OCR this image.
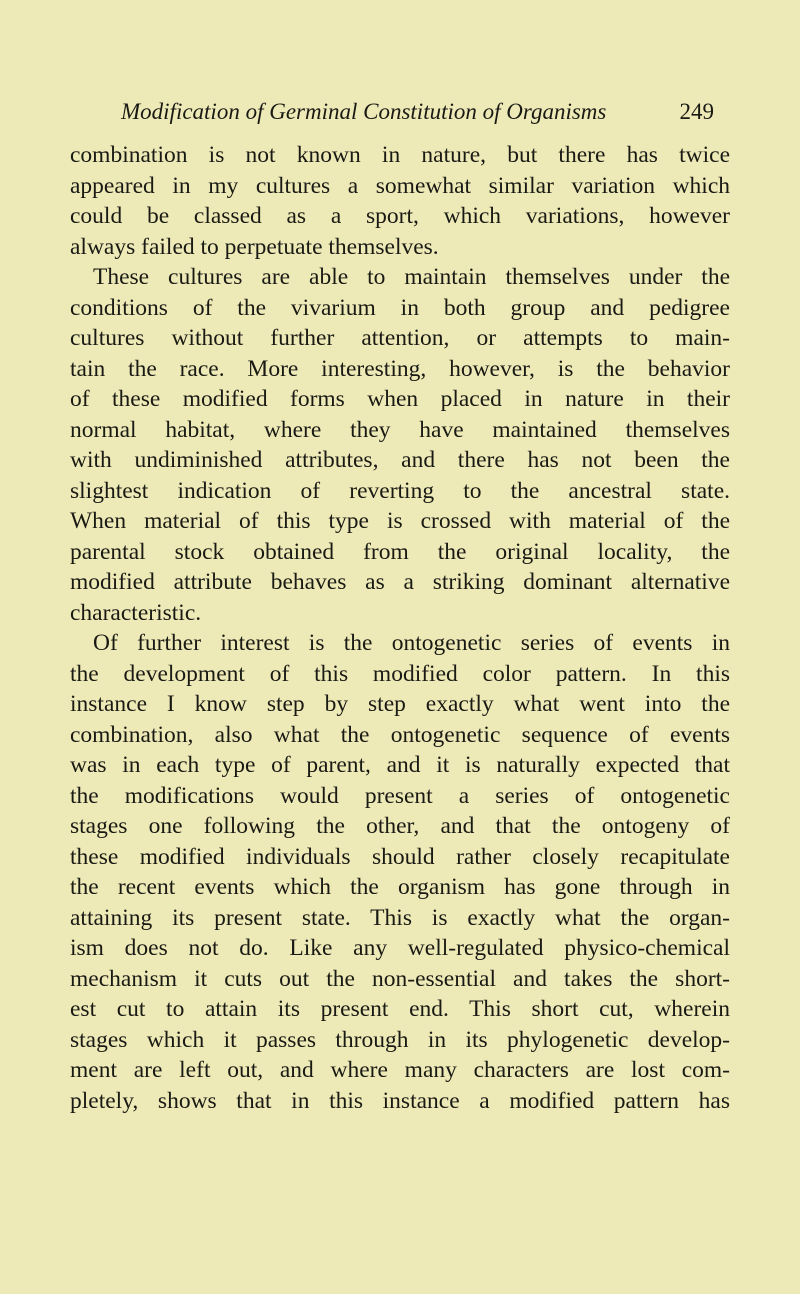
Modification of Germinal Constitution of Organisms	249
combination is not known in nature, but there has twice
appeared in my cultures a somewhat similar variation which
could be classed as a sport, which variations, however
always failed to perpetuate themselves.
These cultures are able to maintain themselves under the
conditions of the vivarium in both group and pedigree
cultures without further attention, or attempts to main-
tain the race. More interesting, however, is the behavior
of these modified forms when placed in nature in their
normal habitat, where they have maintained themselves
with undiminished attributes, and there has not been the
slightest indication of reverting to the ancestral state.
When material of this type is crossed with material of the
parental stock obtained from the original locality, the
modified attribute behaves as a striking dominant alternative
characteristic.
Of further interest is the ontogenetic series of events in
the development of this modified color pattern. In this
instance I know step by step exactly what went into the
combination, also what the ontogenetic sequence of events
was in each type of parent, and it is naturally expected that
the modifications would present a series of ontogenetic
stages one following the other, and that the ontogeny of
these modified individuals should rather closely recapitulate
the recent events which the organism has gone through in
attaining its present state. This is exactly what the organ-
ism does not do. Like any well-regulated physico-chemical
mechanism it cuts out the non-essential and takes the short-
est cut to attain its present end. This short cut, wherein
stages which it passes through in its phylogenetic develop-
ment are left out, and where many characters are lost com-
pletely, shows that in this instance a modified pattern has
